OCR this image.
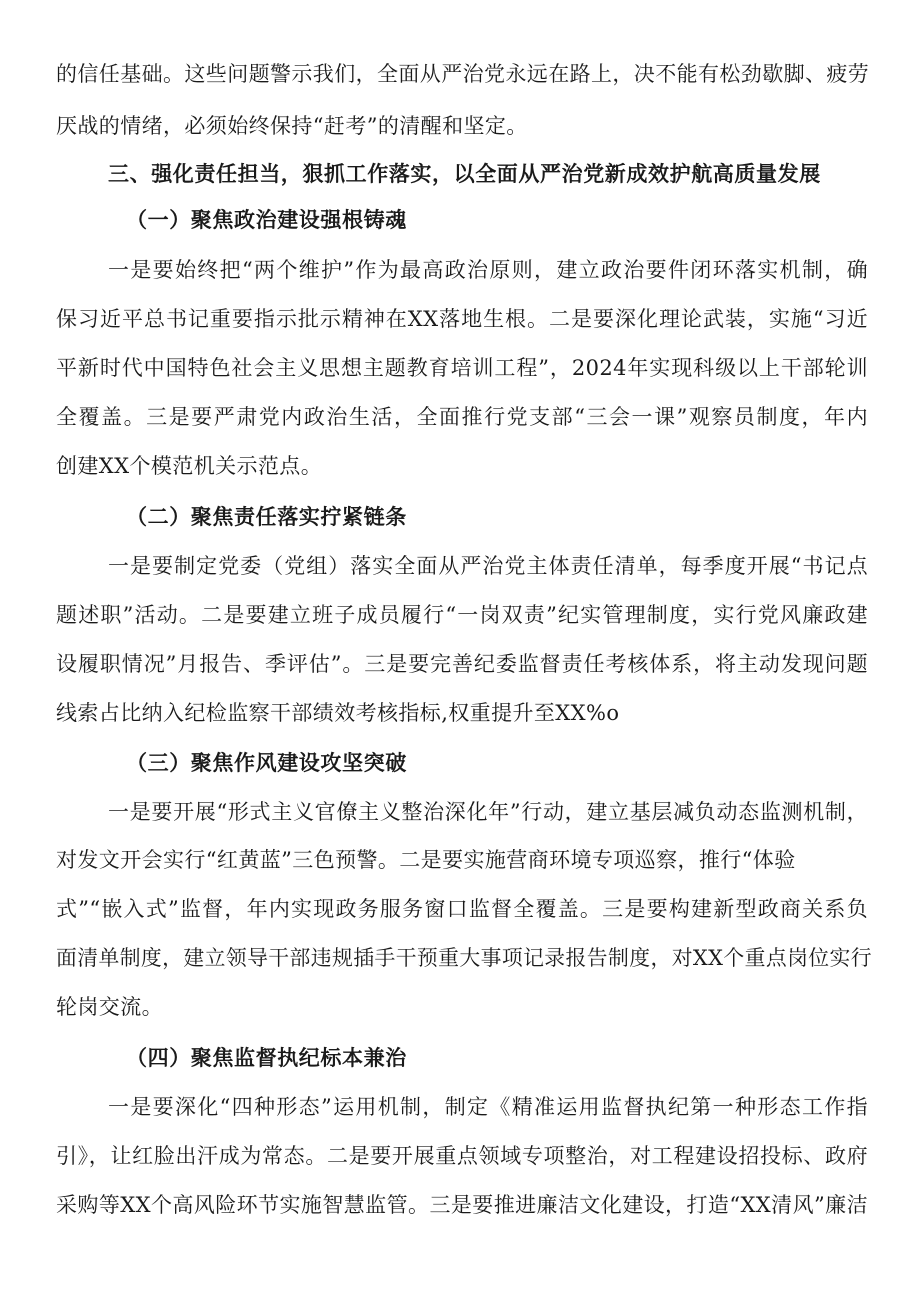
的信任基础。这些问题警示我们，全面从严治党永远在路上，决不能有松劲歇脚、疲劳
厌战的情绪，必须始终保持“赶考”的清醒和坚定。
三、强化责任担当，狠抓工作落实，以全面从严治党新成效护航高质量发展
（一）聚焦政治建设强根铸魂
一是要始终把“两个维护”作为最高政治原则，建立政治要件闭环落实机制，确
保习近平总书记重要指示批示精神在XX落地生根。二是要深化理论武装，实施“习近
平新时代中国特色社会主义思想主题教育培训工程”，2024年实现科级以上干部轮训
全覆盖。三是要严肃党内政治生活，全面推行党支部“三会一课”观察员制度，年内
创建XX个模范机关示范点。
（二）聚焦责任落实拧紧链条
一是要制定党委（党组）落实全面从严治党主体责任清单，每季度开展“书记点
题述职”活动。二是要建立班子成员履行“一岗双责”纪实管理制度，实行党风廉政建
设履职情况”月报告、季评估”。三是要完善纪委监督责任考核体系，将主动发现问题
线索占比纳入纪检监察干部绩效考核指标,权重提升至XX%o
（三）聚焦作风建设攻坚突破
一是要开展“形式主义官僚主义整治深化年”行动，建立基层减负动态监测机制，
对发文开会实行“红黄蓝”三色预警。二是要实施营商环境专项巡察，推行“体验
式”“嵌入式”监督，年内实现政务服务窗口监督全覆盖。三是要构建新型政商关系负
面清单制度，建立领导干部违规插手干预重大事项记录报告制度，对XX个重点岗位实行
轮岗交流。
（四）聚焦监督执纪标本兼治
一是要深化“四种形态”运用机制，制定《精准运用监督执纪第一种形态工作指
引》，让红脸出汗成为常态。二是要开展重点领域专项整治，对工程建设招投标、政府
采购等XX个高风险环节实施智慧监管。三是要推进廉洁文化建设，打造“XX清风”廉洁
